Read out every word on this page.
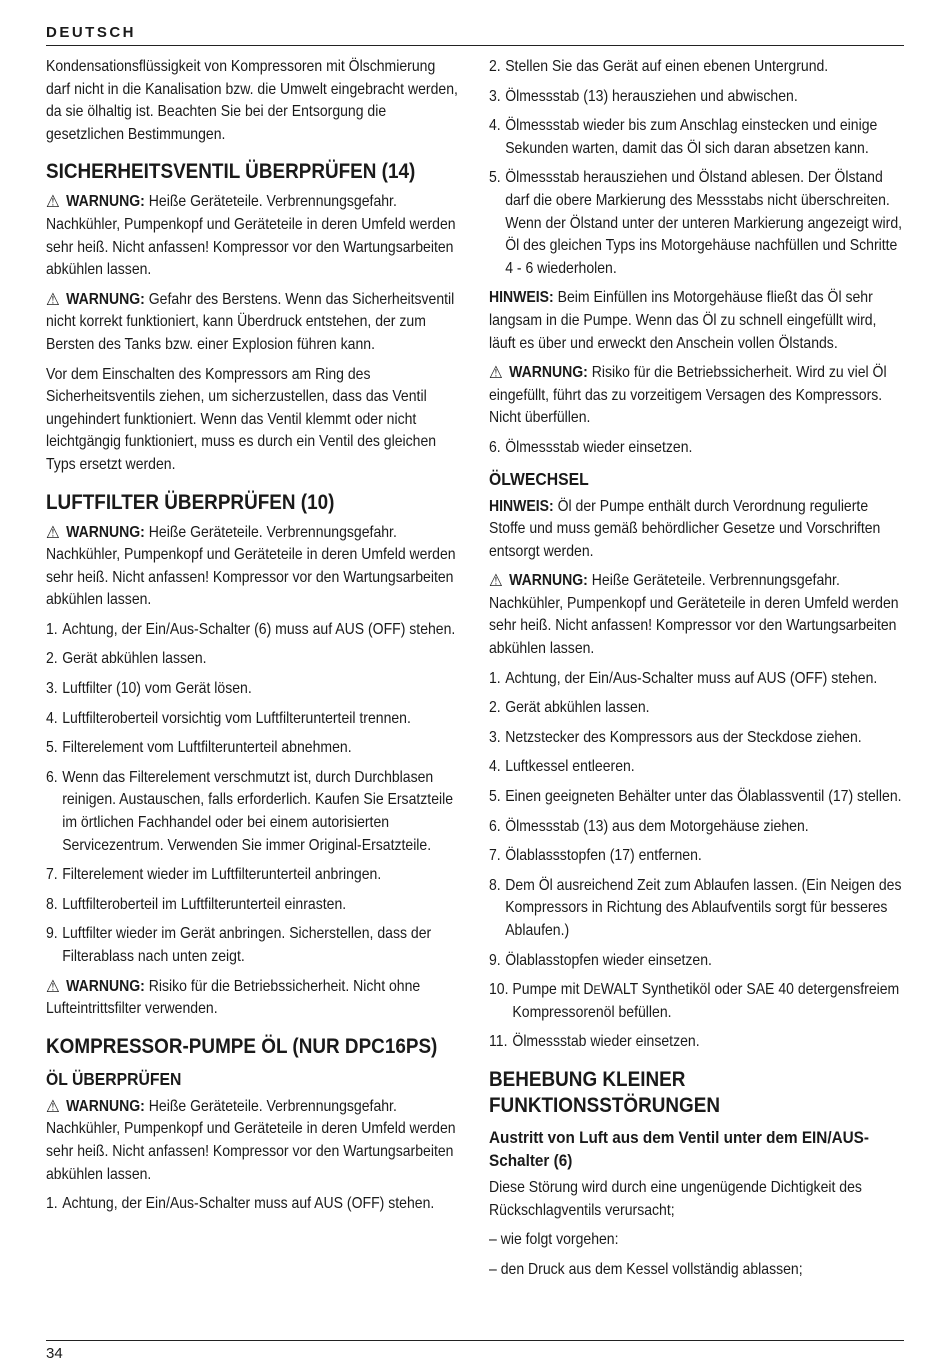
DEUTSCH

Kondensationsflüssigkeit von Kompressoren mit Ölschmierung darf nicht in die Kanalisation bzw. die Umwelt eingebracht werden, da sie ölhaltig ist. Beachten Sie bei der Entsorgung die gesetzlichen Bestimmungen.

SICHERHEITSVENTIL ÜBERPRÜFEN (14)

⚠ WARNUNG: Heiße Geräteteile. Verbrennungsgefahr. Nachkühler, Pumpenkopf und Geräteteile in deren Umfeld werden sehr heiß. Nicht anfassen! Kompressor vor den Wartungsarbeiten abkühlen lassen.

⚠ WARNUNG: Gefahr des Berstens. Wenn das Sicherheitsventil nicht korrekt funktioniert, kann Überdruck entstehen, der zum Bersten des Tanks bzw. einer Explosion führen kann.

Vor dem Einschalten des Kompressors am Ring des Sicherheitsventils ziehen, um sicherzustellen, dass das Ventil ungehindert funktioniert. Wenn das Ventil klemmt oder nicht leichtgängig funktioniert, muss es durch ein Ventil des gleichen Typs ersetzt werden.

LUFTFILTER ÜBERPRÜFEN (10)

⚠ WARNUNG: Heiße Geräteteile. Verbrennungsgefahr. Nachkühler, Pumpenkopf und Geräteteile in deren Umfeld werden sehr heiß. Nicht anfassen! Kompressor vor den Wartungsarbeiten abkühlen lassen.

1. Achtung, der Ein/Aus-Schalter (6) muss auf AUS (OFF) stehen.
2. Gerät abkühlen lassen.
3. Luftfilter (10) vom Gerät lösen.
4. Luftfilteroberteil vorsichtig vom Luftfilterunterteil trennen.
5. Filterelement vom Luftfilterunterteil abnehmen.
6. Wenn das Filterelement verschmutzt ist, durch Durchblasen reinigen. Austauschen, falls erforderlich. Kaufen Sie Ersatzteile im örtlichen Fachhandel oder bei einem autorisierten Servicezentrum. Verwenden Sie immer Original-Ersatzteile.
7. Filterelement wieder im Luftfilterunterteil anbringen.
8. Luftfilteroberteil im Luftfilterunterteil einrasten.
9. Luftfilter wieder im Gerät anbringen. Sicherstellen, dass der Filterablass nach unten zeigt.

⚠ WARNUNG: Risiko für die Betriebssicherheit. Nicht ohne Lufteintrittsfilter verwenden.

KOMPRESSOR-PUMPE ÖL (NUR DPC16PS)
ÖL ÜBERPRÜFEN

⚠ WARNUNG: Heiße Geräteteile. Verbrennungsgefahr. Nachkühler, Pumpenkopf und Geräteteile in deren Umfeld werden sehr heiß. Nicht anfassen! Kompressor vor den Wartungsarbeiten abkühlen lassen.

1. Achtung, der Ein/Aus-Schalter muss auf AUS (OFF) stehen.
2. Stellen Sie das Gerät auf einen ebenen Untergrund.
3. Ölmessstab (13) herausziehen und abwischen.
4. Ölmessstab wieder bis zum Anschlag einstecken und einige Sekunden warten, damit das Öl sich daran absetzen kann.
5. Ölmessstab herausziehen und Ölstand ablesen. Der Ölstand darf die obere Markierung des Messstabs nicht überschreiten. Wenn der Ölstand unter der unteren Markierung angezeigt wird, Öl des gleichen Typs ins Motorgehäuse nachfüllen und Schritte 4 - 6 wiederholen.

HINWEIS: Beim Einfüllen ins Motorgehäuse fließt das Öl sehr langsam in die Pumpe. Wenn das Öl zu schnell eingefüllt wird, läuft es über und erweckt den Anschein vollen Ölstands.

⚠ WARNUNG: Risiko für die Betriebssicherheit. Wird zu viel Öl eingefüllt, führt das zu vorzeitigem Versagen des Kompressors. Nicht überfüllen.

6. Ölmessstab wieder einsetzen.
ÖLWECHSEL

HINWEIS: Öl der Pumpe enthält durch Verordnung regulierte Stoffe und muss gemäß behördlicher Gesetze und Vorschriften entsorgt werden.

⚠ WARNUNG: Heiße Geräteteile. Verbrennungsgefahr. Nachkühler, Pumpenkopf und Geräteteile in deren Umfeld werden sehr heiß. Nicht anfassen! Kompressor vor den Wartungsarbeiten abkühlen lassen.

1. Achtung, der Ein/Aus-Schalter muss auf AUS (OFF) stehen.
2. Gerät abkühlen lassen.
3. Netzstecker des Kompressors aus der Steckdose ziehen.
4. Luftkessel entleeren.
5. Einen geeigneten Behälter unter das Ölablassventil (17) stellen.
6. Ölmessstab (13) aus dem Motorgehäuse ziehen.
7. Ölablassstopfen (17) entfernen.
8. Dem Öl ausreichend Zeit zum Ablaufen lassen. (Ein Neigen des Kompressors in Richtung des Ablaufventils sorgt für besseres Ablaufen.)
9. Ölablasstopfen wieder einsetzen.
10. Pumpe mit DEWALT Synthetiköl oder SAE 40 detergensfreiem Kompressorenöl befüllen.
11. Ölmessstab wieder einsetzen.
BEHEBUNG KLEINER FUNKTIONSSTÖRUNGEN
Austritt von Luft aus dem Ventil unter dem EIN/AUS-Schalter (6)

Diese Störung wird durch eine ungenügende Dichtigkeit des Rückschlagventils verursacht;

– wie folgt vorgehen:
– den Druck aus dem Kessel vollständig ablassen;
34
